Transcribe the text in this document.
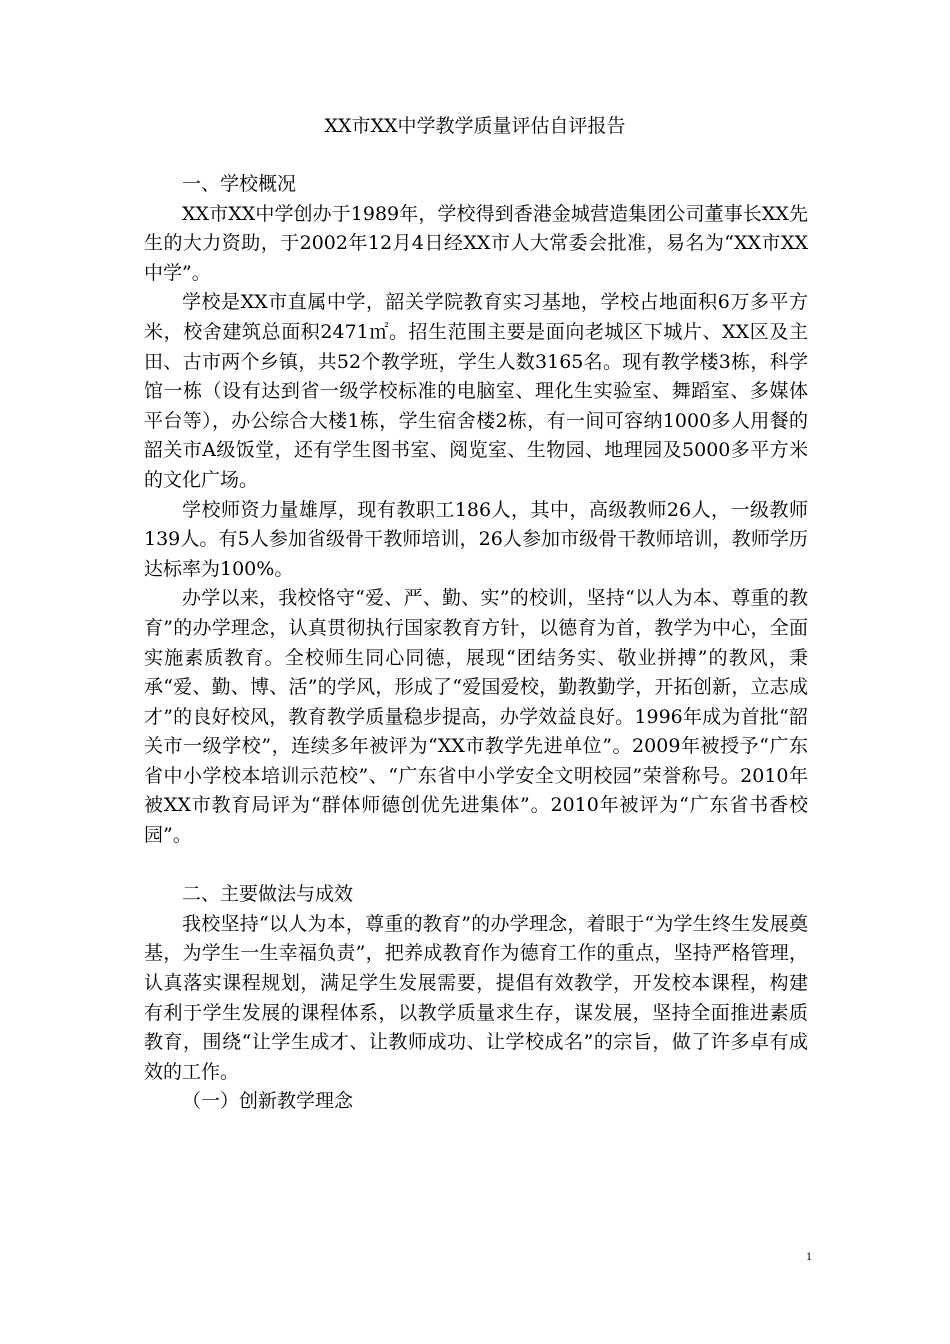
XX市XX中学教学质量评估自评报告

一、学校概况

XX市XX中学创办于1989年，学校得到香港金城营造集团公司董事长XX先生的大力资助，于2002年12月4日经XX市人大常委会批准，易名为“XX市XX中学”。

学校是XX市直属中学，韶关学院教育实习基地，学校占地面积6万多平方米，校舍建筑总面积2471㎡。招生范围主要是面向老城区下城片、XX区及主田、古市两个乡镇，共52个教学班，学生人数3165名。现有教学楼3栋，科学馆一栋（设有达到省一级学校标准的电脑室、理化生实验室、舞蹈室、多媒体平台等），办公综合大楼1栋，学生宿舍楼2栋，有一间可容纳1000多人用餐的韶关市A级饭堂，还有学生图书室、阅览室、生物园、地理园及5000多平方米的文化广场。

学校师资力量雄厚，现有教职工186人，其中，高级教师26人，一级教师139人。有5人参加省级骨干教师培训，26人参加市级骨干教师培训，教师学历达标率为100%。

办学以来，我校恪守“爱、严、勤、实”的校训，坚持“以人为本、尊重的教育”的办学理念，认真贯彻执行国家教育方针，以德育为首，教学为中心，全面实施素质教育。全校师生同心同德，展现“团结务实、敬业拼搏”的教风，秉承“爱、勤、博、活”的学风，形成了“爱国爱校，勤教勤学，开拓创新，立志成才”的良好校风，教育教学质量稳步提高，办学效益良好。1996年成为首批“韶关市一级学校”，连续多年被评为“XX市教学先进单位”。2009年被授予“广东省中小学校本培训示范校”、“广东省中小学安全文明校园”荣誉称号。2010年被XX市教育局评为“群体师德创优先进集体”。2010年被评为“广东省书香校园”。

二、主要做法与成效

我校坚持“以人为本，尊重的教育”的办学理念，着眼于“为学生终生发展奠基，为学生一生幸福负责”，把养成教育作为德育工作的重点，坚持严格管理，认真落实课程规划，满足学生发展需要，提倡有效教学，开发校本课程，构建有利于学生发展的课程体系，以教学质量求生存，谋发展，坚持全面推进素质教育，围绕“让学生成才、让教师成功、让学校成名”的宗旨，做了许多卓有成效的工作。

（一）创新教学理念

1
